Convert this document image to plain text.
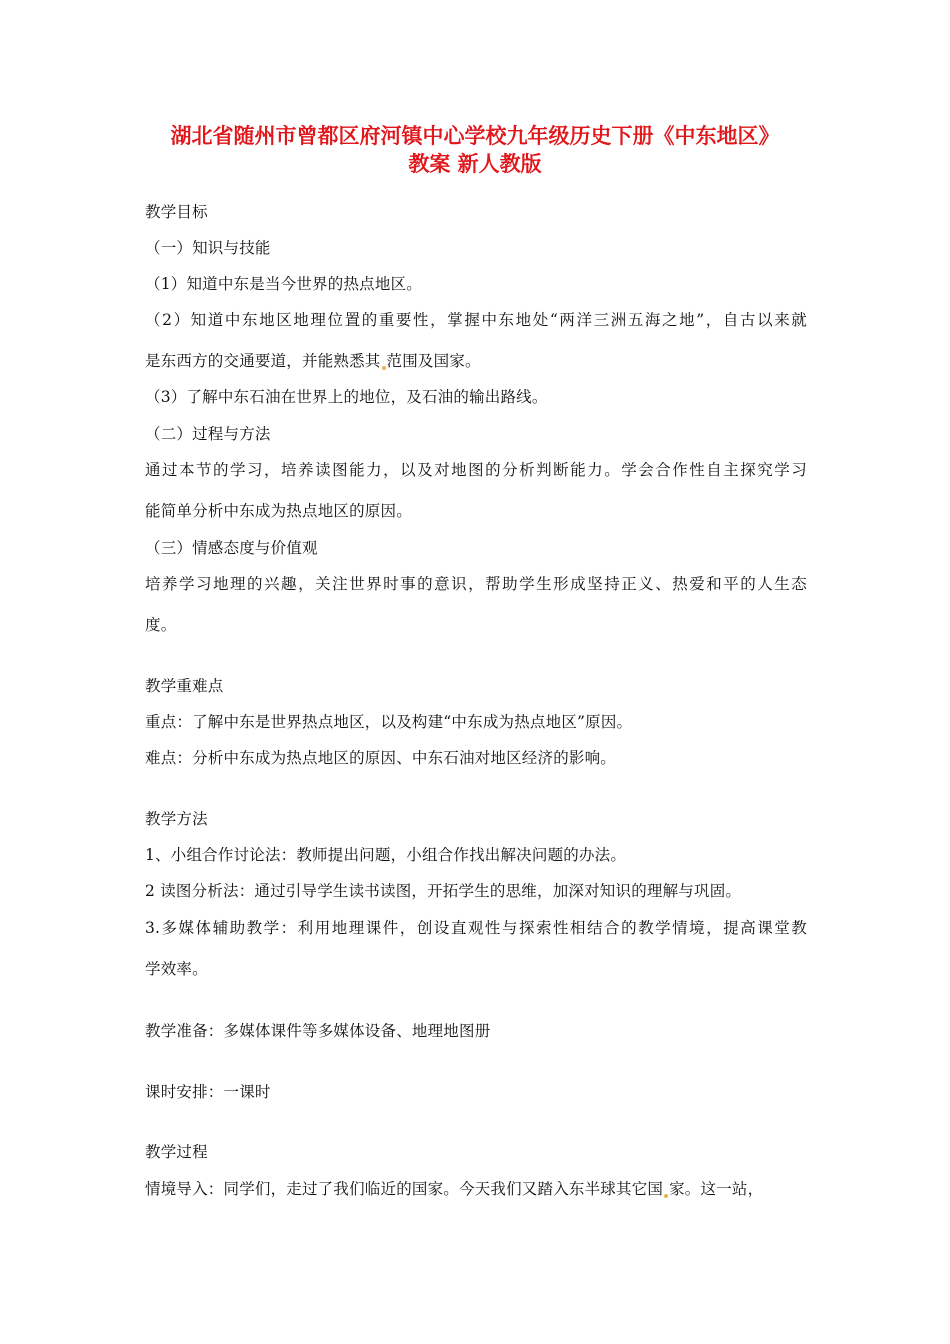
湖北省随州市曾都区府河镇中心学校九年级历史下册《中东地区》
教案 新人教版
教学目标
（一）知识与技能
（1）知道中东是当今世界的热点地区。
（2）知道中东地区地理位置的重要性，掌握中东地处“两洋三洲五海之地”，自古以来就
是东西方的交通要道，并能熟悉其 范围及国家。
（3）了解中东石油在世界上的地位，及石油的输出路线。
（二）过程与方法
通过本节的学习，培养读图能力，以及对地图的分析判断能力。学会合作性自主探究学习
能简单分析中东成为热点地区的原因。
（三）情感态度与价值观
培养学习地理的兴趣，关注世界时事的意识，帮助学生形成坚持正义、热爱和平的人生态
度。
教学重难点
重点：了解中东是世界热点地区，以及构建“中东成为热点地区”原因。
难点：分析中东成为热点地区的原因、中东石油对地区经济的影响。
教学方法
1、小组合作讨论法：教师提出问题，小组合作找出解决问题的办法。
2 读图分析法：通过引导学生读书读图，开拓学生的思维，加深对知识的理解与巩固。
3.多媒体辅助教学：利用地理课件，创设直观性与探索性相结合的教学情境，提高课堂教
学效率。
教学准备：多媒体课件等多媒体设备、地理地图册
课时安排：一课时
教学过程
情境导入：同学们，走过了我们临近的国家。今天我们又踏入东半球其它国 家。这一站，
